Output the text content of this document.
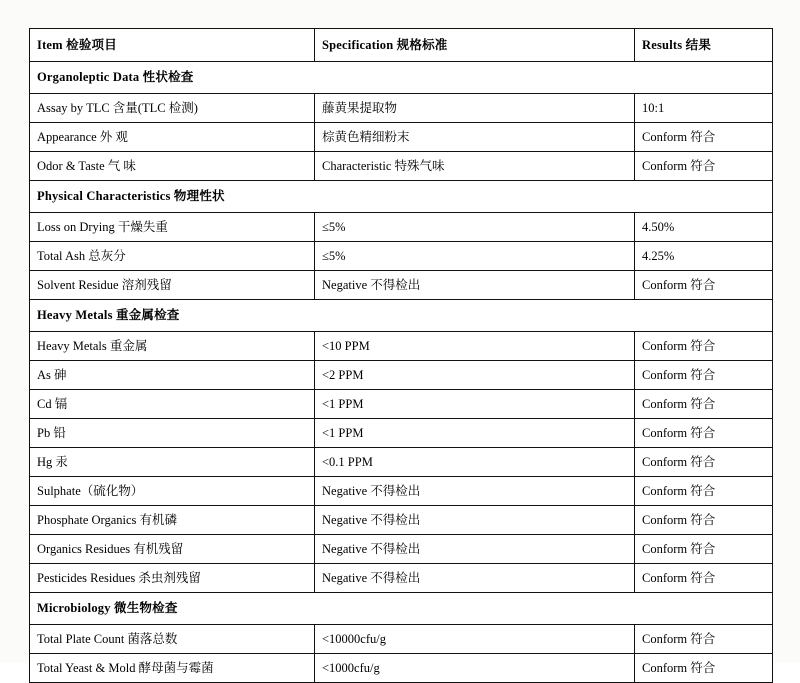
Item 检验项目	Specification 规格标准	Results 结果
Organoleptic Data 性状检查		
Assay by TLC 含量(TLC 检测)	藤黄果提取物	10:1
Appearance 外 观	棕黄色精细粉末	Conform 符合
Odor & Taste 气 味	Characteristic 特殊气味	Conform 符合
Physical Characteristics 物理性状		
Loss on Drying 干燥失重	≤5%	4.50%
Total Ash 总灰分	≤5%	4.25%
Solvent Residue 溶剂残留	Negative 不得检出	Conform 符合
Heavy Metals 重金属检查		
Heavy Metals 重金属	<10 PPM	Conform 符合
As 砷	<2 PPM	Conform 符合
Cd 镉	<1 PPM	Conform 符合
Pb 铅	<1 PPM	Conform 符合
Hg 汞	<0.1 PPM	Conform 符合
Sulphate（硫化物）	Negative 不得检出	Conform 符合
Phosphate Organics 有机磷	Negative 不得检出	Conform 符合
Organics Residues 有机残留	Negative 不得检出	Conform 符合
Pesticides Residues 杀虫剂残留	Negative 不得检出	Conform 符合
Microbiology 微生物检查		
Total Plate Count 菌落总数	<10000cfu/g	Conform 符合
Total Yeast & Mold 酵母菌与霉菌	<1000cfu/g	Conform 符合
